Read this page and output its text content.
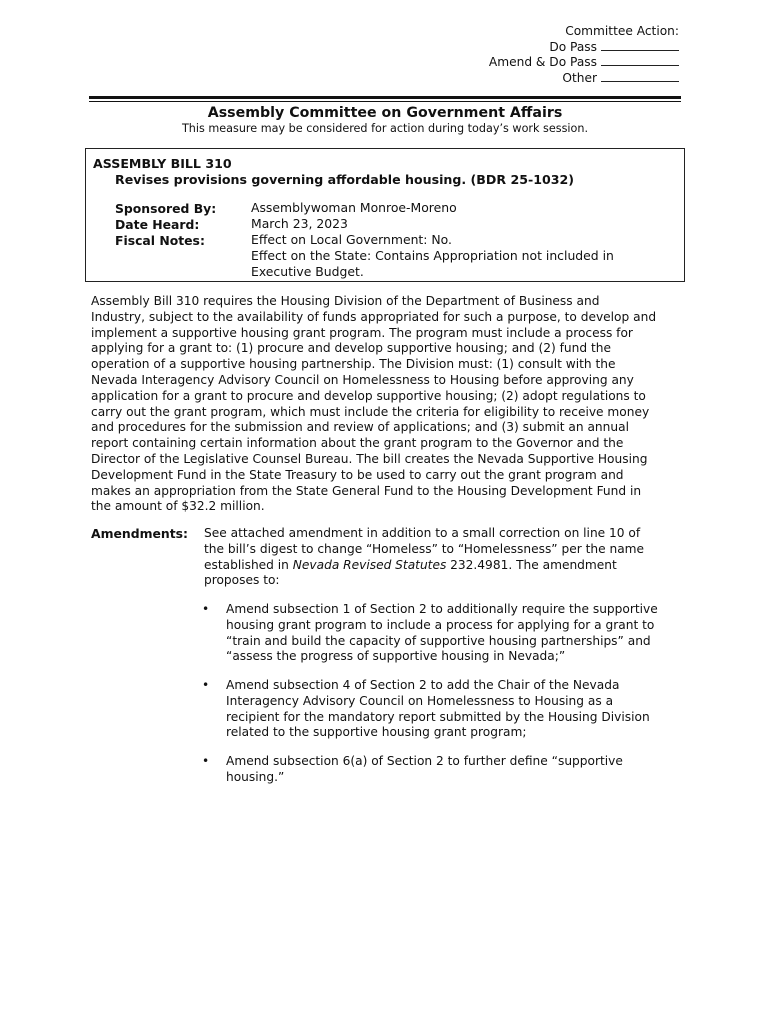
Committee Action:
Do Pass
Amend & Do Pass
Other
Assembly Committee on Government Affairs
This measure may be considered for action during today’s work session.
ASSEMBLY BILL 310
Revises provisions governing affordable housing. (BDR 25-1032)
Sponsored By:	Assemblywoman Monroe-Moreno
Date Heard:	March 23, 2023
Fiscal Notes:	Effect on Local Government: No.
Effect on the State: Contains Appropriation not included in
Executive Budget.
Assembly Bill 310 requires the Housing Division of the Department of Business and
Industry, subject to the availability of funds appropriated for such a purpose, to develop and
implement a supportive housing grant program. The program must include a process for
applying for a grant to: (1) procure and develop supportive housing; and (2) fund the
operation of a supportive housing partnership. The Division must: (1) consult with the
Nevada Interagency Advisory Council on Homelessness to Housing before approving any
application for a grant to procure and develop supportive housing; (2) adopt regulations to
carry out the grant program, which must include the criteria for eligibility to receive money
and procedures for the submission and review of applications; and (3) submit an annual
report containing certain information about the grant program to the Governor and the
Director of the Legislative Counsel Bureau. The bill creates the Nevada Supportive Housing
Development Fund in the State Treasury to be used to carry out the grant program and
makes an appropriation from the State General Fund to the Housing Development Fund in
the amount of $32.2 million.
Amendments: See attached amendment in addition to a small correction on line 10 of
the bill’s digest to change “Homeless” to “Homelessness” per the name
established in Nevada Revised Statutes 232.4981. The amendment
proposes to:
• Amend subsection 1 of Section 2 to additionally require the supportive
housing grant program to include a process for applying for a grant to
“train and build the capacity of supportive housing partnerships” and
“assess the progress of supportive housing in Nevada;”
• Amend subsection 4 of Section 2 to add the Chair of the Nevada
Interagency Advisory Council on Homelessness to Housing as a
recipient for the mandatory report submitted by the Housing Division
related to the supportive housing grant program;
• Amend subsection 6(a) of Section 2 to further define “supportive
housing.”
